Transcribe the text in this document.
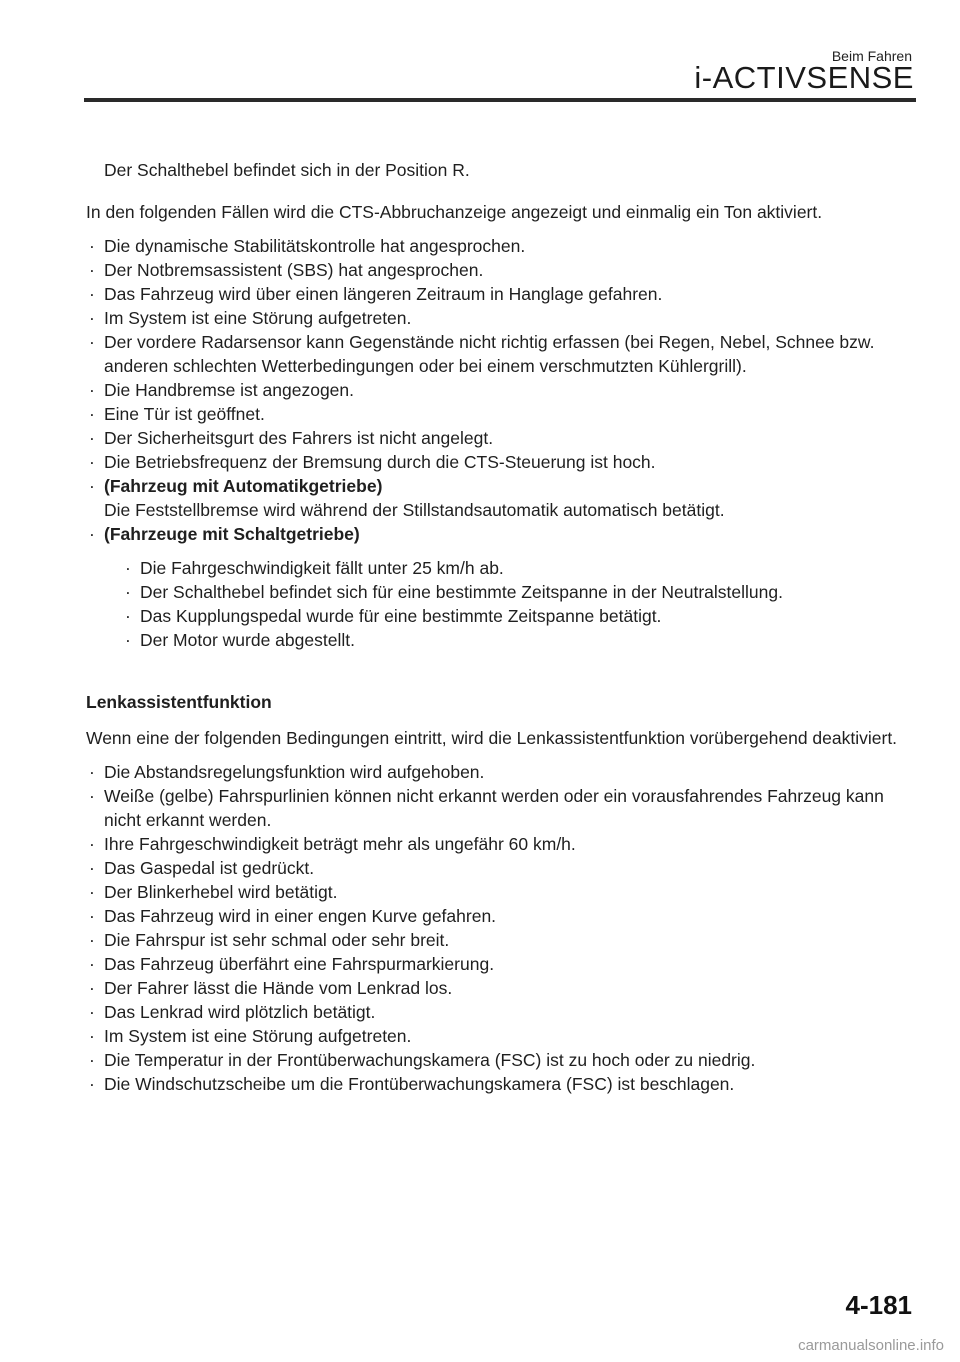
Beim Fahren
i-ACTIVSENSE

Der Schalthebel befindet sich in der Position R.

In den folgenden Fällen wird die CTS-Abbruchanzeige angezeigt und einmalig ein Ton aktiviert.

· Die dynamische Stabilitätskontrolle hat angesprochen.
· Der Notbremsassistent (SBS) hat angesprochen.
· Das Fahrzeug wird über einen längeren Zeitraum in Hanglage gefahren.
· Im System ist eine Störung aufgetreten.
· Der vordere Radarsensor kann Gegenstände nicht richtig erfassen (bei Regen, Nebel, Schnee bzw. anderen schlechten Wetterbedingungen oder bei einem verschmutzten Kühlergrill).
· Die Handbremse ist angezogen.
· Eine Tür ist geöffnet.
· Der Sicherheitsgurt des Fahrers ist nicht angelegt.
· Die Betriebsfrequenz der Bremsung durch die CTS-Steuerung ist hoch.
· (Fahrzeug mit Automatikgetriebe)
Die Feststellbremse wird während der Stillstandsautomatik automatisch betätigt.
· (Fahrzeuge mit Schaltgetriebe)
· Die Fahrgeschwindigkeit fällt unter 25 km/h ab.
· Der Schalthebel befindet sich für eine bestimmte Zeitspanne in der Neutralstellung.
· Das Kupplungspedal wurde für eine bestimmte Zeitspanne betätigt.
· Der Motor wurde abgestellt.

Lenkassistentfunktion

Wenn eine der folgenden Bedingungen eintritt, wird die Lenkassistentfunktion vorübergehend deaktiviert.

· Die Abstandsregelungsfunktion wird aufgehoben.
· Weiße (gelbe) Fahrspurlinien können nicht erkannt werden oder ein vorausfahrendes Fahrzeug kann nicht erkannt werden.
· Ihre Fahrgeschwindigkeit beträgt mehr als ungefähr 60 km/h.
· Das Gaspedal ist gedrückt.
· Der Blinkerhebel wird betätigt.
· Das Fahrzeug wird in einer engen Kurve gefahren.
· Die Fahrspur ist sehr schmal oder sehr breit.
· Das Fahrzeug überfährt eine Fahrspurmarkierung.
· Der Fahrer lässt die Hände vom Lenkrad los.
· Das Lenkrad wird plötzlich betätigt.
· Im System ist eine Störung aufgetreten.
· Die Temperatur in der Frontüberwachungskamera (FSC) ist zu hoch oder zu niedrig.
· Die Windschutzscheibe um die Frontüberwachungskamera (FSC) ist beschlagen.
4-181
carmanualsonline.info
